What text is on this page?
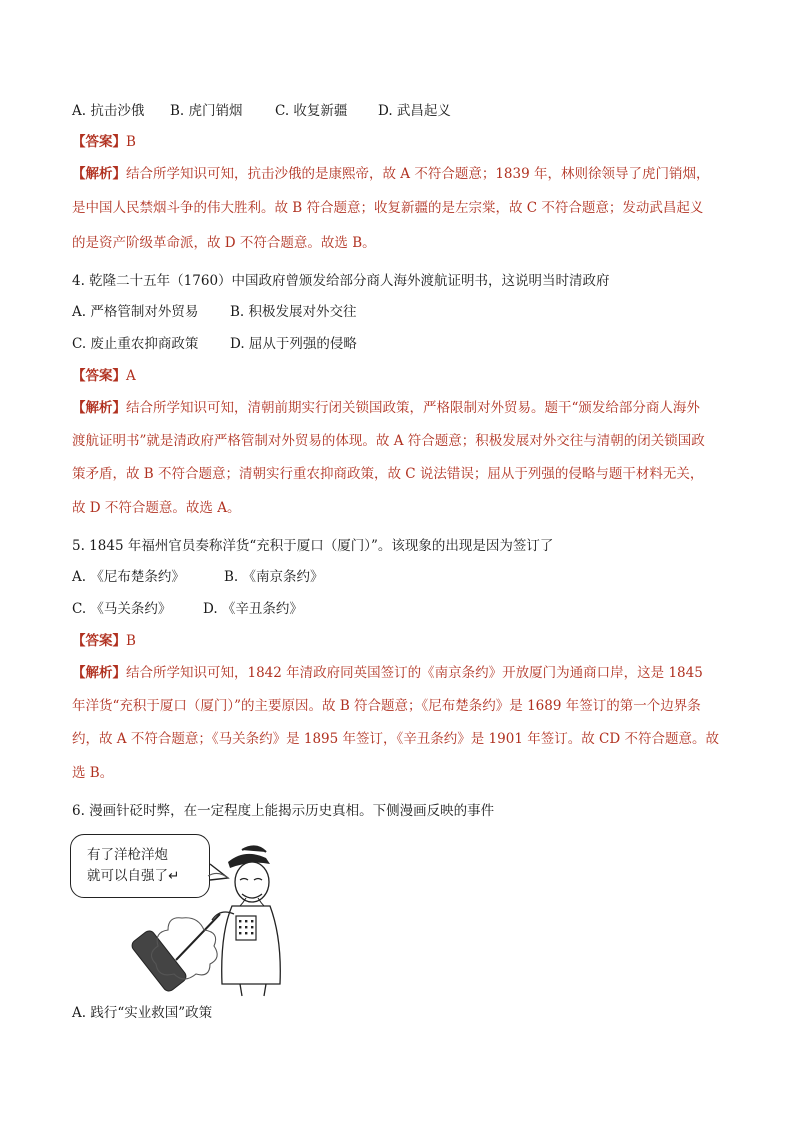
A. 抗击沙俄 B. 虎门销烟 C. 收复新疆 D. 武昌起义
【答案】B
【解析】结合所学知识可知，抗击沙俄的是康熙帝，故 A 不符合题意；1839 年，林则徐领导了虎门销烟，
是中国人民禁烟斗争的伟大胜利。故 B 符合题意；收复新疆的是左宗棠，故 C 不符合题意；发动武昌起义
的是资产阶级革命派，故 D 不符合题意。故选 B。
4. 乾隆二十五年（1760）中国政府曾颁发给部分商人海外渡航证明书，这说明当时清政府
A. 严格管制对外贸易 B. 积极发展对外交往
C. 废止重农抑商政策 D. 屈从于列强的侵略
【答案】A
【解析】结合所学知识可知，清朝前期实行闭关锁国政策，严格限制对外贸易。题干“颁发给部分商人海外
渡航证明书”就是清政府严格管制对外贸易的体现。故 A 符合题意；积极发展对外交往与清朝的闭关锁国政
策矛盾，故 B 不符合题意；清朝实行重农抑商政策，故 C 说法错误；屈从于列强的侵略与题干材料无关，
故 D 不符合题意。故选 A。
5. 1845 年福州官员奏称洋货“充积于厦口（厦门）”。该现象的出现是因为签订了
A. 《尼布楚条约》	B. 《南京条约》
C. 《马关条约》 D. 《辛丑条约》
【答案】B
【解析】结合所学知识可知，1842 年清政府同英国签订的《南京条约》开放厦门为通商口岸，这是 1845
年洋货“充积于厦口（厦门）”的主要原因。故 B 符合题意；《尼布楚条约》是 1689 年签订的第一个边界条
约，故 A 不符合题意；《马关条约》是 1895 年签订，《辛丑条约》是 1901 年签订。故 CD 不符合题意。故
选 B。
6. 漫画针砭时弊，在一定程度上能揭示历史真相。下侧漫画反映的事件
有了洋枪洋炮
就可以自强了↵
A. 践行“实业救国”政策
